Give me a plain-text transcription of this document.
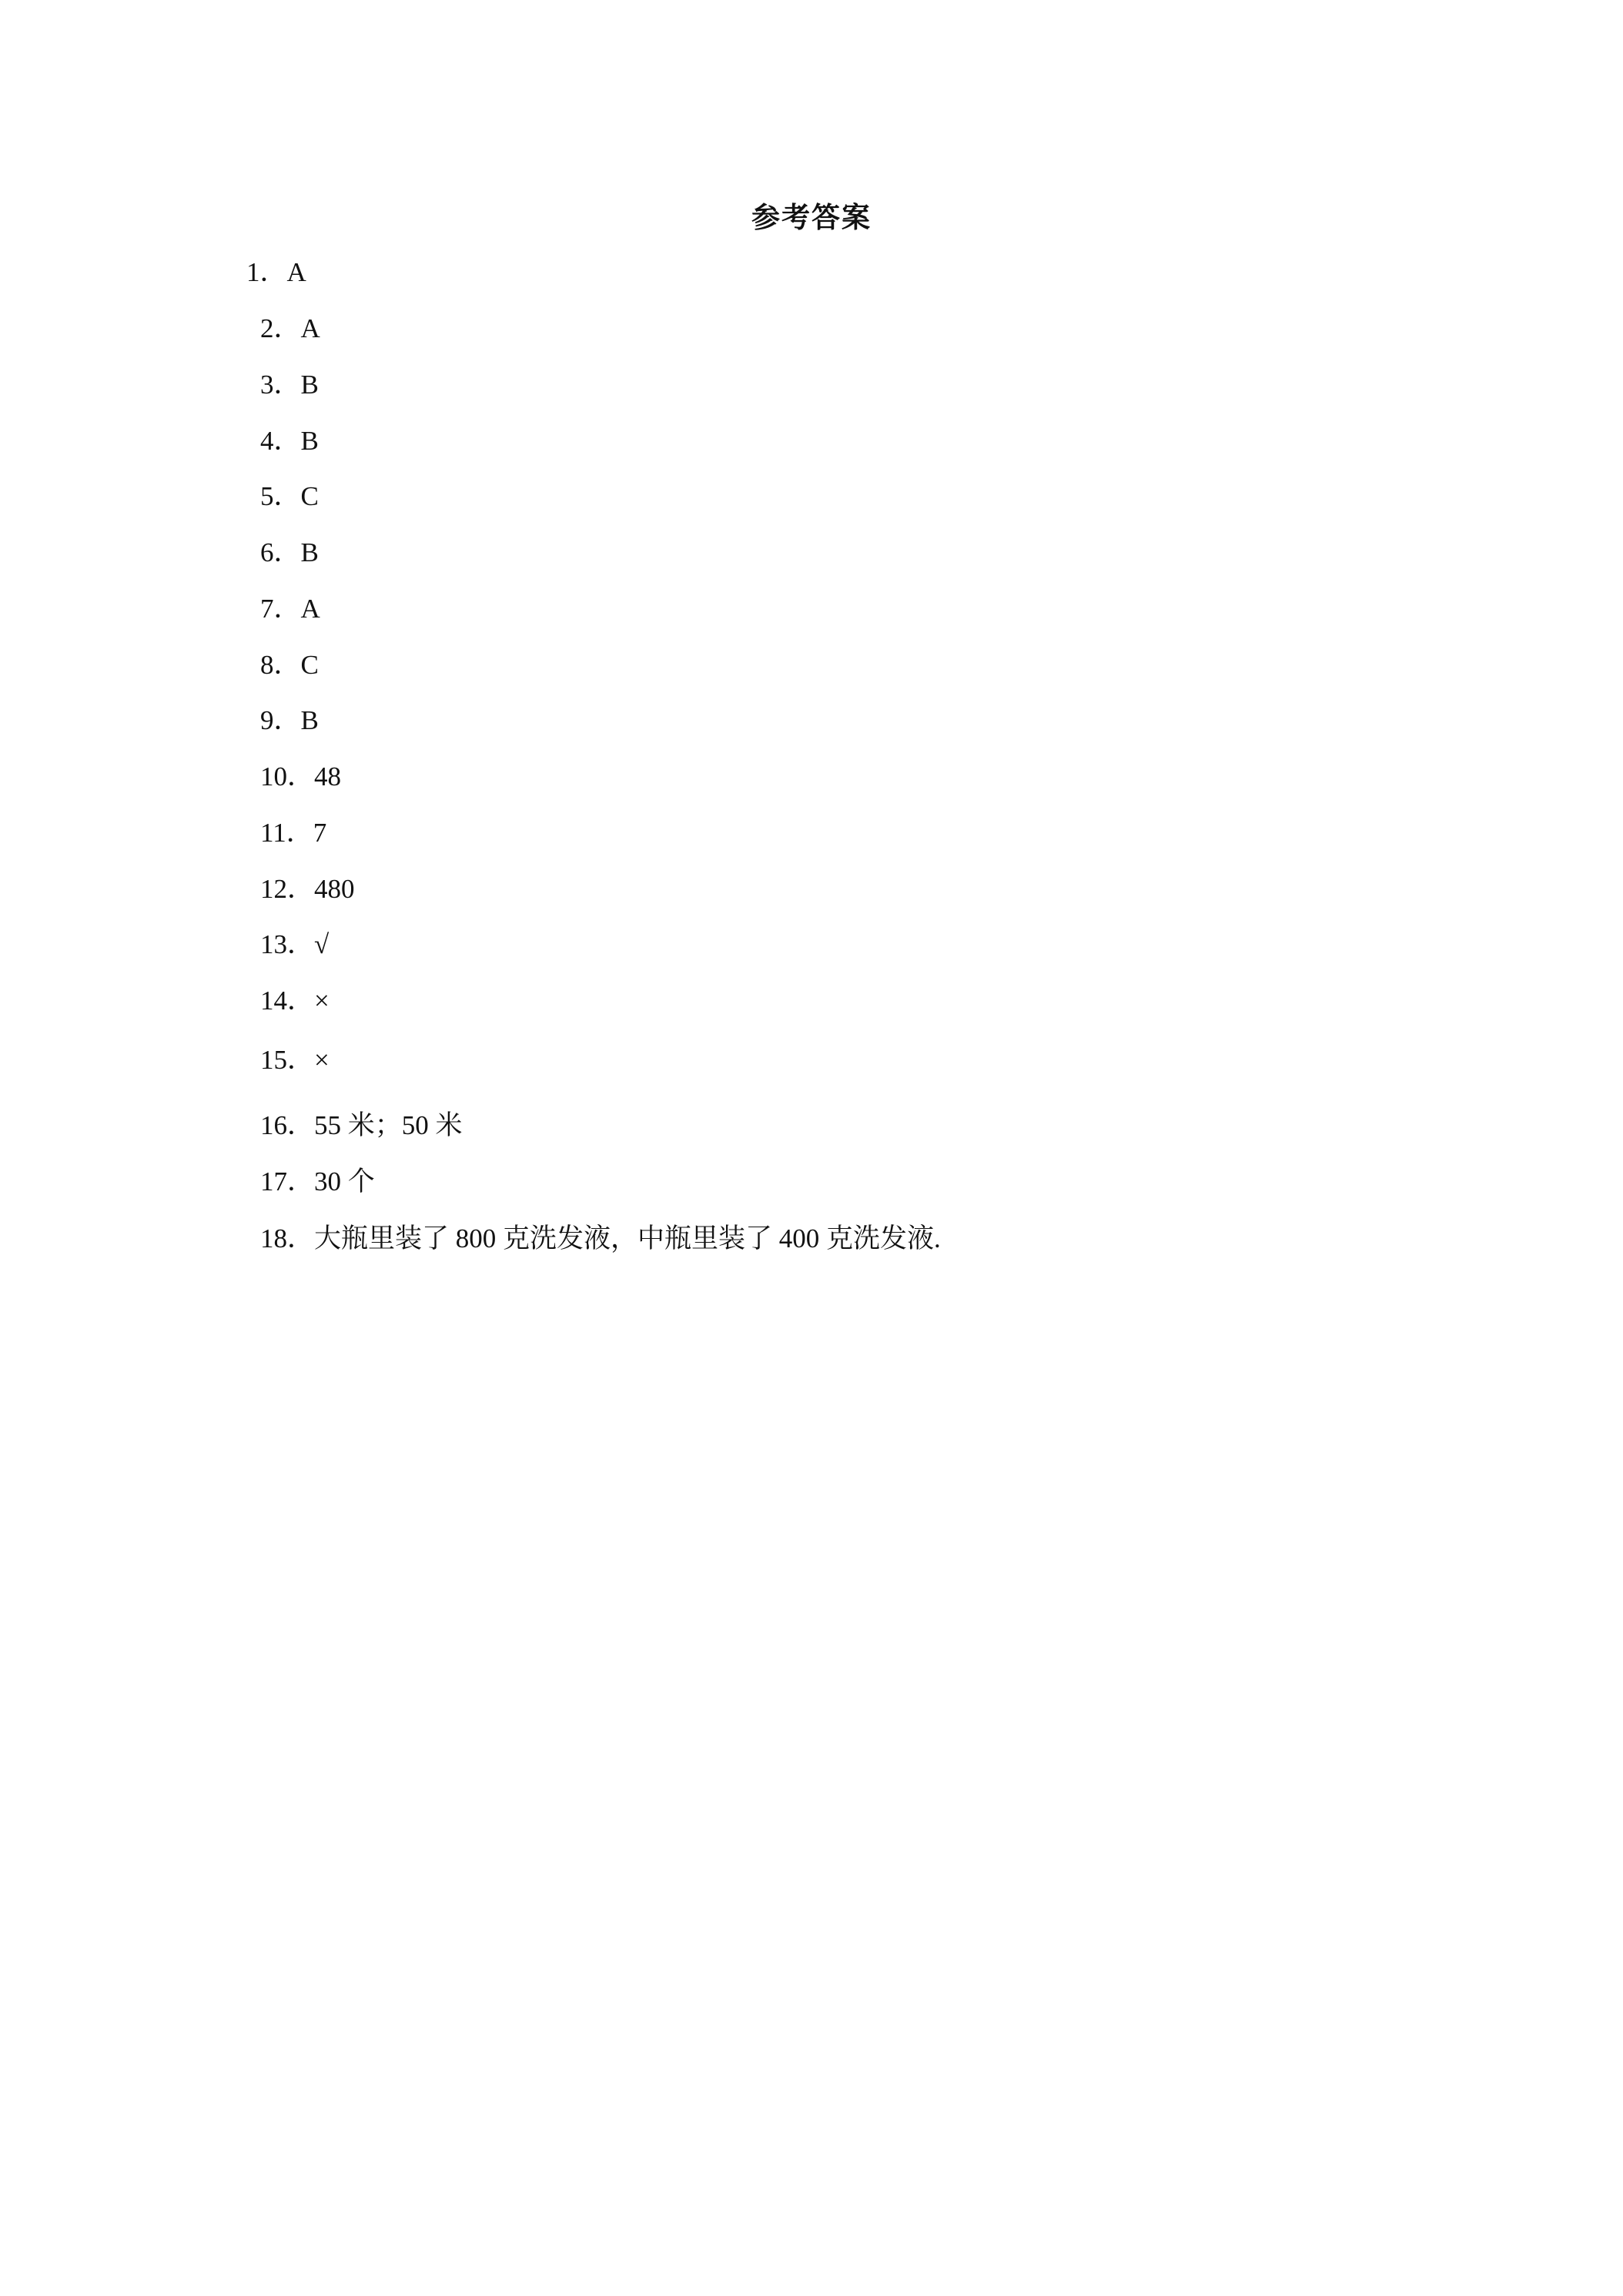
参考答案
1．A
2．A
3．B
4．B
5．C
6．B
7．A
8．C
9．B
10．48
11．7
12．480
13．√
14．×
15．×
16．55 米；50 米
17．30 个
18．大瓶里装了 800 克洗发液，中瓶里装了 400 克洗发液.
